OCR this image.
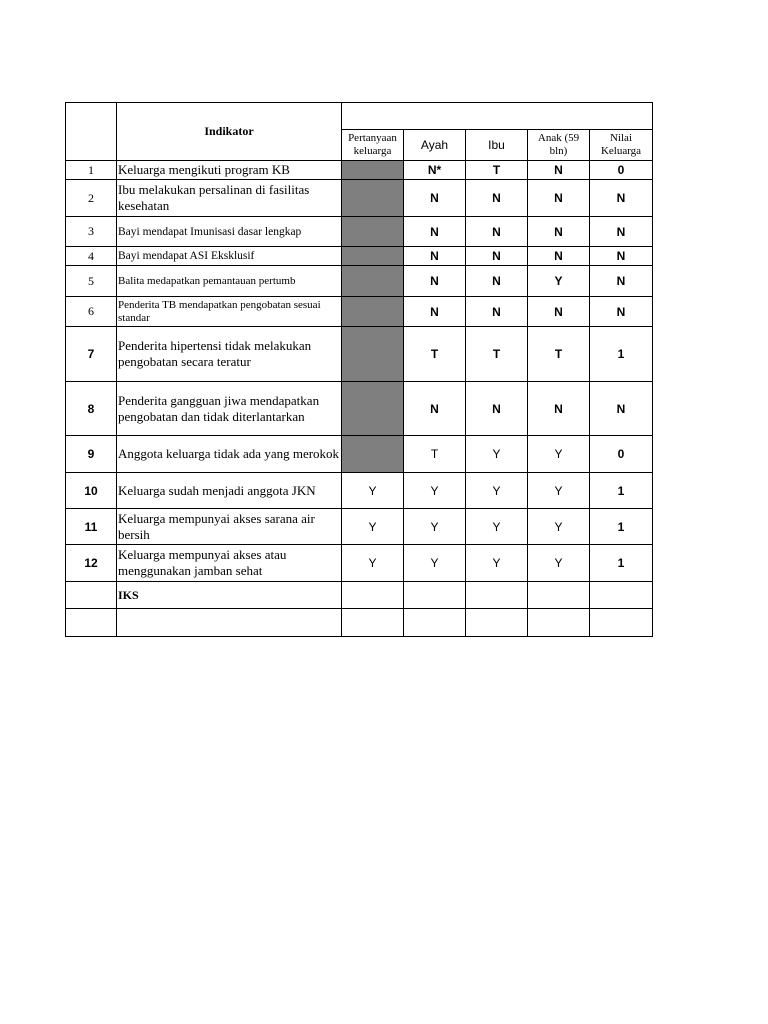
	Indikator					
		Pertanyaan keluarga	Ayah	Ibu	Anak (59 bln)	Nilai Keluarga
1	Keluarga mengikuti program KB		N*	T	N	0
2	Ibu melakukan persalinan di fasilitas kesehatan		N	N	N	N
3	Bayi mendapat Imunisasi dasar lengkap		N	N	N	N
4	Bayi mendapat ASI Eksklusif		N	N	N	N
5	Balita medapatkan pemantauan pertumb		N	N	Y	N
6	Penderita TB mendapatkan pengobatan sesuai standar		N	N	N	N
7	Penderita hipertensi tidak melakukan pengobatan secara teratur		T	T	T	1
8	Penderita gangguan jiwa mendapatkan pengobatan dan tidak diterlantarkan		N	N	N	N
9	Anggota keluarga tidak ada yang merokok		T	Y	Y	0
10	Keluarga sudah menjadi anggota JKN	Y	Y	Y	Y	1
11	Keluarga mempunyai akses sarana air bersih	Y	Y	Y	Y	1
12	Keluarga mempunyai akses atau menggunakan jamban sehat	Y	Y	Y	Y	1
	IKS					
